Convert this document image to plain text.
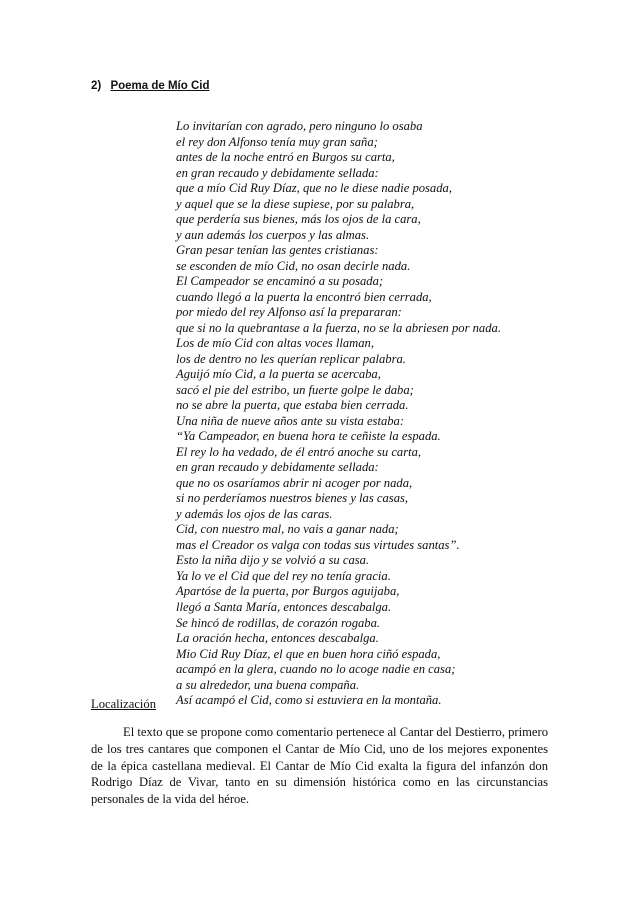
2) Poema de Mío Cid
Lo invitarían con agrado, pero ninguno lo osaba
el rey don Alfonso tenía muy gran saña;
antes de la noche entró en Burgos su carta,
en gran recaudo y debidamente sellada:
que a mío Cid Ruy Díaz, que no le diese nadie posada,
y aquel que se la diese supiese, por su palabra,
que perdería sus bienes, más los ojos de la cara,
y aun además los cuerpos y las almas.
Gran pesar tenían las gentes cristianas:
se esconden de mío Cid, no osan decirle nada.
El Campeador se encaminó a su posada;
cuando llegó a la puerta la encontró bien cerrada,
por miedo del rey Alfonso así la prepararan:
que si no la quebrantase a la fuerza, no se la abriesen por nada.
Los de mío Cid con altas voces llaman,
los de dentro no les querían replicar palabra.
Aguijó mío Cid, a la puerta se acercaba,
sacó el pie del estribo, un fuerte golpe le daba;
no se abre la puerta, que estaba bien cerrada.
Una niña de nueve años ante su vista estaba:
“Ya Campeador, en buena hora te ceñiste la espada.
El rey lo ha vedado, de él entró anoche su carta,
en gran recaudo y debidamente sellada:
que no os osaríamos abrir ni acoger por nada,
si no perderíamos nuestros bienes y las casas,
y además los ojos de las caras.
Cid, con nuestro mal, no vais a ganar nada;
mas el Creador os valga con todas sus virtudes santas”.
Esto la niña dijo y se volvió a su casa.
Ya lo ve el Cid que del rey no tenía gracia.
Apartóse de la puerta, por Burgos aguijaba,
llegó a Santa María, entonces descabalga.
Se hincó de rodillas, de corazón rogaba.
La oración hecha, entonces descabalga.
Mio Cid Ruy Díaz, el que en buen hora ciñó espada,
acampó en la glera, cuando no lo acoge nadie en casa;
a su alrededor, una buena compaña.
Así acampó el Cid, como si estuviera en la montaña.
Localización

El texto que se propone como comentario pertenece al Cantar del Destierro, primero de los tres cantares que componen el Cantar de Mío Cid, uno de los mejores exponentes de la épica castellana medieval. El Cantar de Mío Cid exalta la figura del infanzón don Rodrigo Díaz de Vivar, tanto en su dimensión histórica como en las circunstancias personales de la vida del héroe.
